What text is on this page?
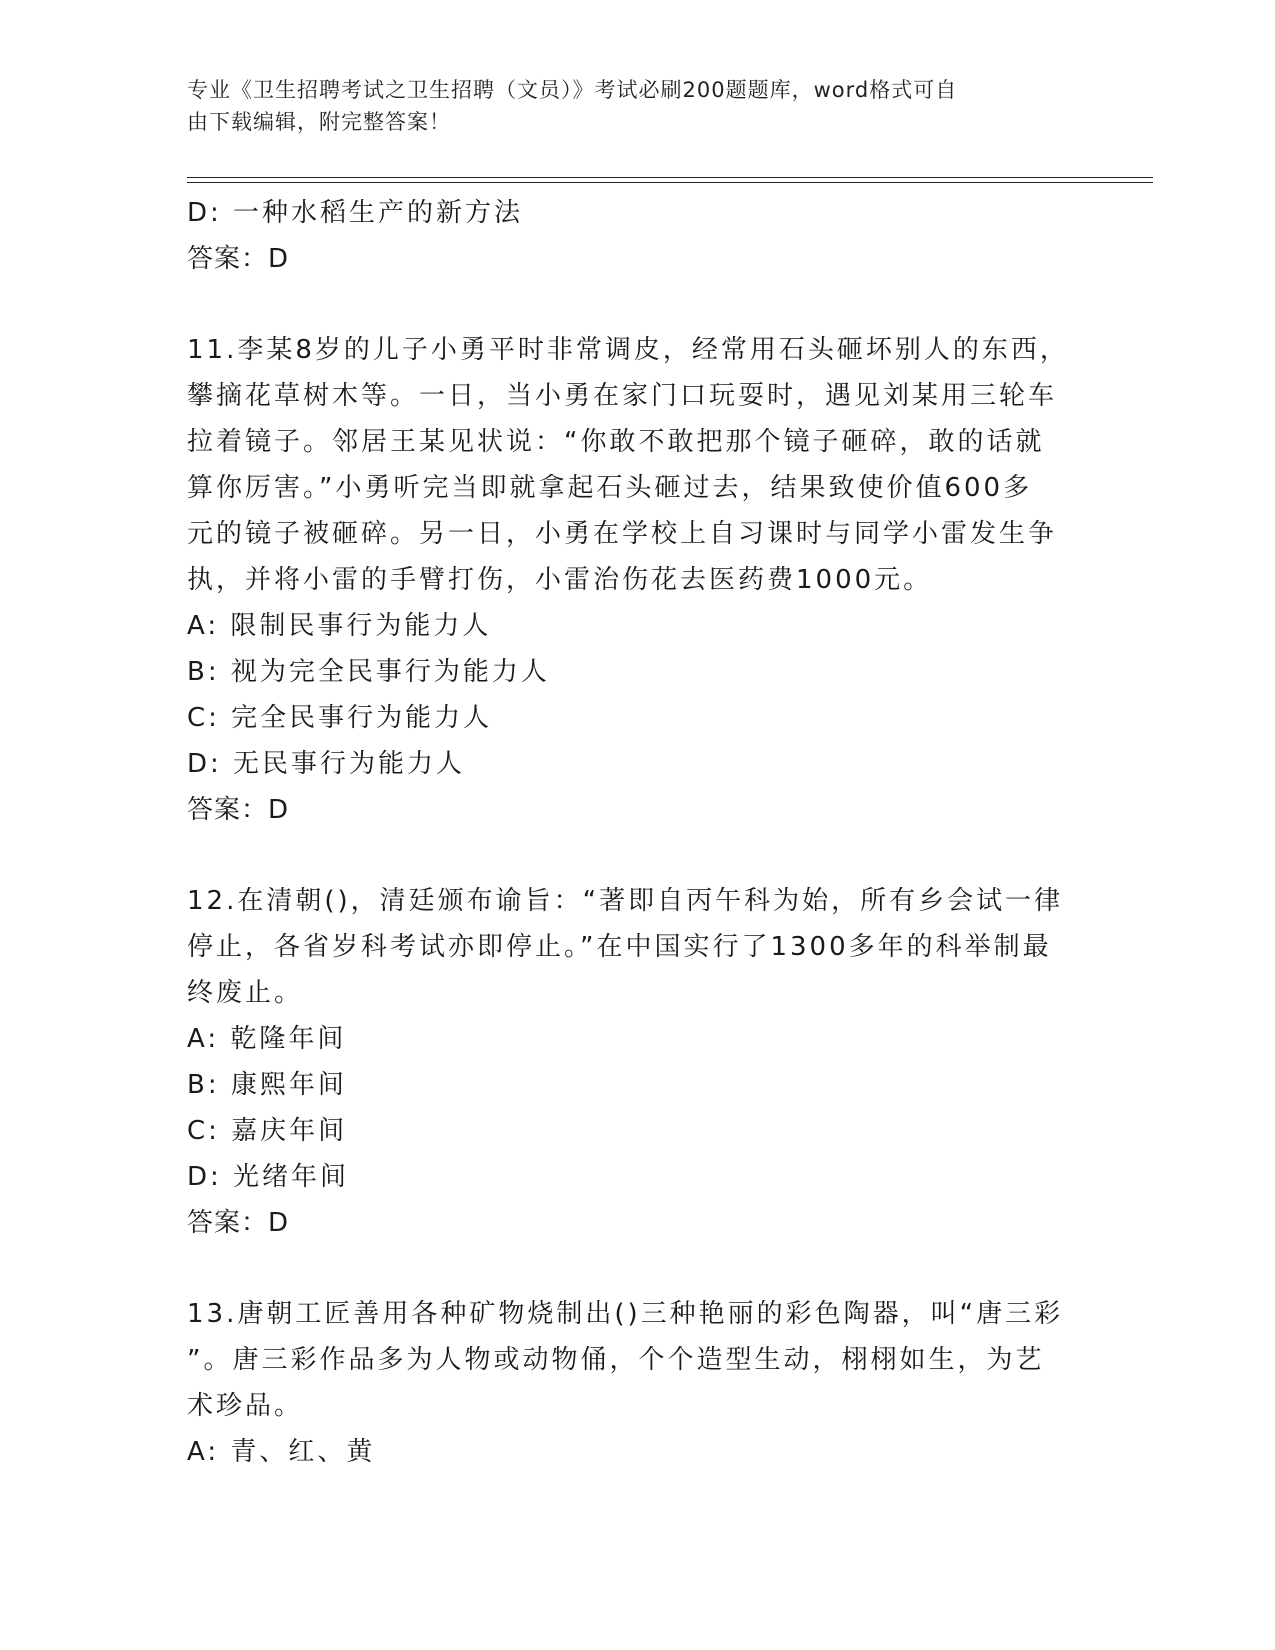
专业《卫生招聘考试之卫生招聘（文员）》考试必刷200题题库，word格式可自
由下载编辑，附完整答案！
D: 一种水稻生产的新方法
答案：D
11.李某8岁的儿子小勇平时非常调皮，经常用石头砸坏别人的东西，
攀摘花草树木等。一日，当小勇在家门口玩耍时，遇见刘某用三轮车
拉着镜子。邻居王某见状说：“你敢不敢把那个镜子砸碎，敢的话就
算你厉害。”小勇听完当即就拿起石头砸过去，结果致使价值600多
元的镜子被砸碎。另一日，小勇在学校上自习课时与同学小雷发生争
执，并将小雷的手臂打伤，小雷治伤花去医药费1000元。
A: 限制民事行为能力人
B: 视为完全民事行为能力人
C: 完全民事行为能力人
D: 无民事行为能力人
答案：D
12.在清朝()，清廷颁布谕旨：“著即自丙午科为始，所有乡会试一律
停止，各省岁科考试亦即停止。”在中国实行了1300多年的科举制最
终废止。
A: 乾隆年间
B: 康熙年间
C: 嘉庆年间
D: 光绪年间
答案：D
13.唐朝工匠善用各种矿物烧制出()三种艳丽的彩色陶器，叫“唐三彩
”。唐三彩作品多为人物或动物俑，个个造型生动，栩栩如生，为艺
术珍品。
A: 青、红、黄
